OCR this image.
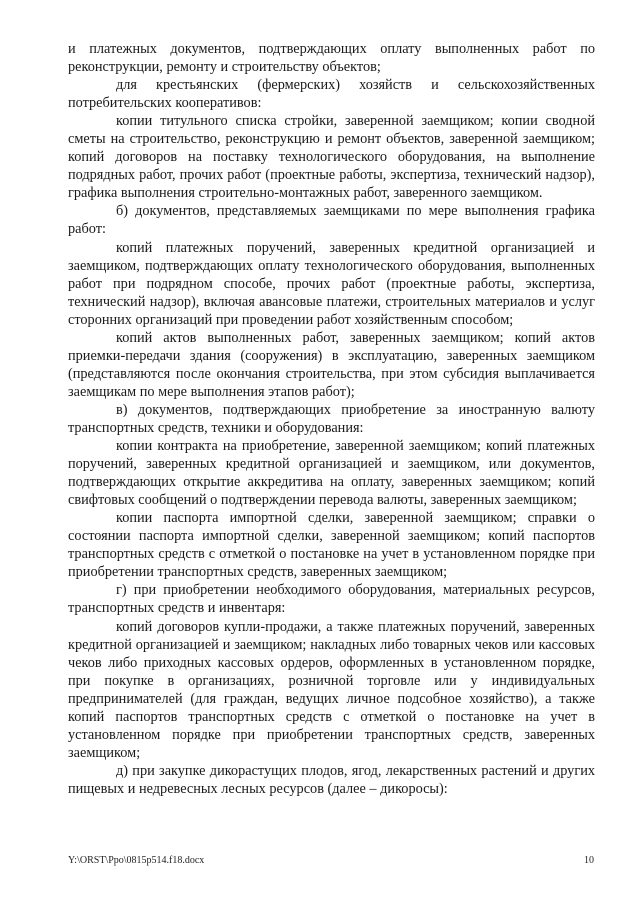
и платежных документов, подтверждающих оплату выполненных работ по реконструкции, ремонту и строительству объектов;

для крестьянских (фермерских) хозяйств и сельскохозяйственных потребительских кооперативов:

копии титульного списка стройки, заверенной заемщиком; копии сводной сметы на строительство, реконструкцию и ремонт объектов, заверенной заемщиком; копий договоров на поставку технологического оборудования, на выполнение подрядных работ, прочих работ (проектные работы, экспертиза, технический надзор), графика выполнения строительно-монтажных работ, заверенного заемщиком.

б) документов, представляемых заемщиками по мере выполнения графика работ:

копий платежных поручений, заверенных кредитной организацией и заемщиком, подтверждающих оплату технологического оборудования, выполненных работ при подрядном способе, прочих работ (проектные работы, экспертиза, технический надзор), включая авансовые платежи, строительных материалов и услуг сторонних организаций при проведении работ хозяйственным способом;

копий актов выполненных работ, заверенных заемщиком; копий актов приемки-передачи здания (сооружения) в эксплуатацию, заверенных заемщиком (представляются после окончания строительства, при этом субсидия выплачивается заемщикам по мере выполнения этапов работ);

в) документов, подтверждающих приобретение за иностранную валюту транспортных средств, техники и оборудования:

копии контракта на приобретение, заверенной заемщиком; копий платежных поручений, заверенных кредитной организацией и заемщиком, или документов, подтверждающих открытие аккредитива на оплату, заверенных заемщиком; копий свифтовых сообщений о подтверждении перевода валюты, заверенных заемщиком;

копии паспорта импортной сделки, заверенной заемщиком; справки о состоянии паспорта импортной сделки, заверенной заемщиком; копий паспортов транспортных средств с отметкой о постановке на учет в установленном порядке при приобретении транспортных средств, заверенных заемщиком;

г) при приобретении необходимого оборудования, материальных ресурсов, транспортных средств и инвентаря:

копий договоров купли-продажи, а также платежных поручений, заверенных кредитной организацией и заемщиком; накладных либо товарных чеков или кассовых чеков либо приходных кассовых ордеров, оформленных в установленном порядке, при покупке в организациях, розничной торговле или у индивидуальных предпринимателей (для граждан, ведущих личное подсобное хозяйство), а также копий паспортов транспортных средств с отметкой о постановке на учет в установленном порядке при приобретении транспортных средств, заверенных заемщиком;

д) при закупке дикорастущих плодов, ягод, лекарственных растений и других пищевых и недревесных лесных ресурсов (далее – дикоросы):

Y:\ORST\Ppo\0815p514.f18.docx	10
